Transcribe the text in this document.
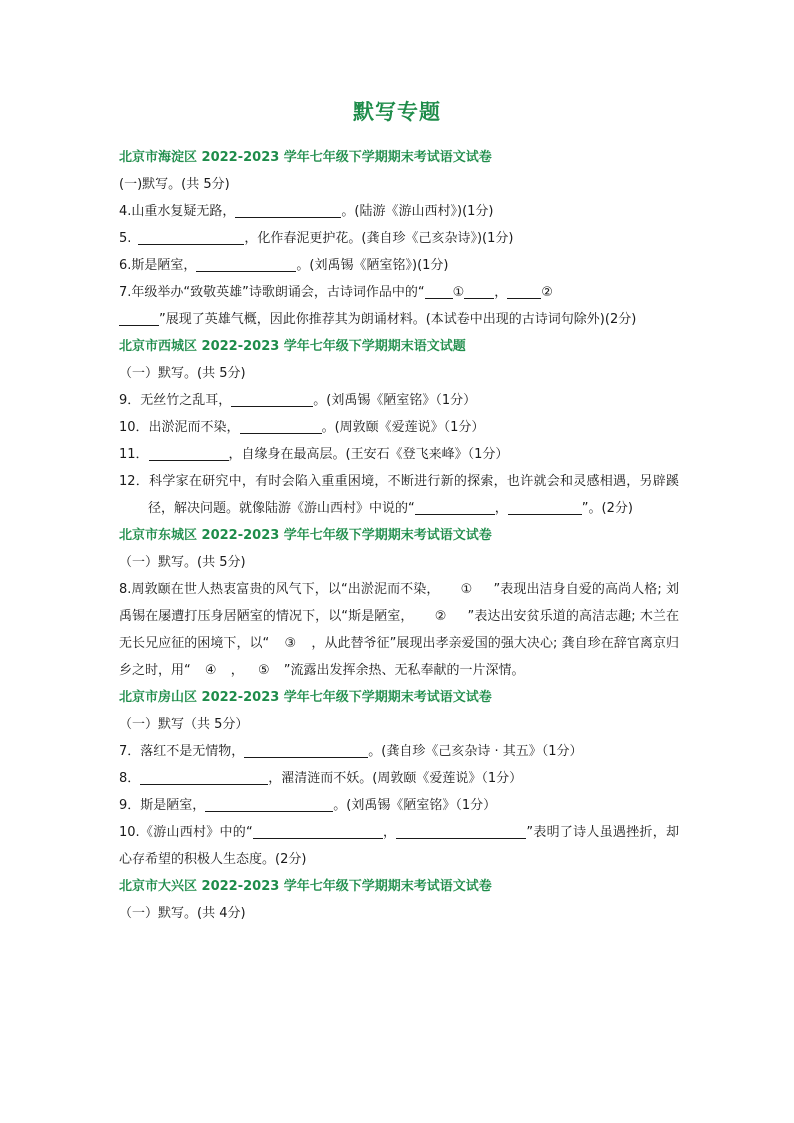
默写专题
北京市海淀区 2022-2023 学年七年级下学期期末考试语文试卷
(一)默写。(共 5分)
4.山重水复疑无路，	。(陆游《游山西村》)(1分)
5.	，化作春泥更护花。(龚自珍《己亥杂诗》)(1分)
6.斯是陋室，	。(刘禹锡《陋室铭》)(1分)
7.年级举办“致敬英雄”诗歌朗诵会，古诗词作品中的“ ① ，	②
”展现了英雄气概，因此你推荐其为朗诵材料。(本试卷中出现的古诗词句除外)(2分)
北京市西城区 2022-2023 学年七年级下学期期末语文试题
（一）默写。(共 5分)
9．无丝竹之乱耳，	。(刘禹锡《陋室铭》（1分）
10．出淤泥而不染，	。(周敦颐《爱莲说》（1分）
11．	，自缘身在最高层。(王安石《登飞来峰》（1分）
12．科学家在研究中，有时会陷入重重困境，不断进行新的探索，也许就会和灵感相遇，另辟蹊径，解决问题。就像陆游《游山西村》中说的“	，	”。(2分)
北京市东城区 2022-2023 学年七年级下学期期末考试语文试卷
（一）默写。(共 5分)
8.周敦颐在世人热衷富贵的风气下，以“出淤泥而不染， ① ”表现出洁身自爱的高尚人格; 刘禹锡在屡遭打压身居陋室的情况下，以“斯是陋室， ② ”表达出安贫乐道的高洁志趣; 木兰在无长兄应征的困境下，以“ ③ ，从此替爷征”展现出孝亲爱国的强大决心; 龚自珍在辞官离京归乡之时，用“ ④ ， ⑤ ”流露出发挥余热、无私奉献的一片深情。
北京市房山区 2022-2023 学年七年级下学期期末考试语文试卷
（一）默写（共 5分）
7．落红不是无情物，	。(龚自珍《己亥杂诗 · 其五》（1分）
8．	，濯清涟而不妖。(周敦颐《爱莲说》（1分）
9．斯是陋室，	。(刘禹锡《陋室铭》（1分）
10.《游山西村》中的“	，	”表明了诗人虽遇挫折，却心存希望的积极人生态度。(2分)
北京市大兴区 2022-2023 学年七年级下学期期末考试语文试卷
（一）默写。(共 4分)
